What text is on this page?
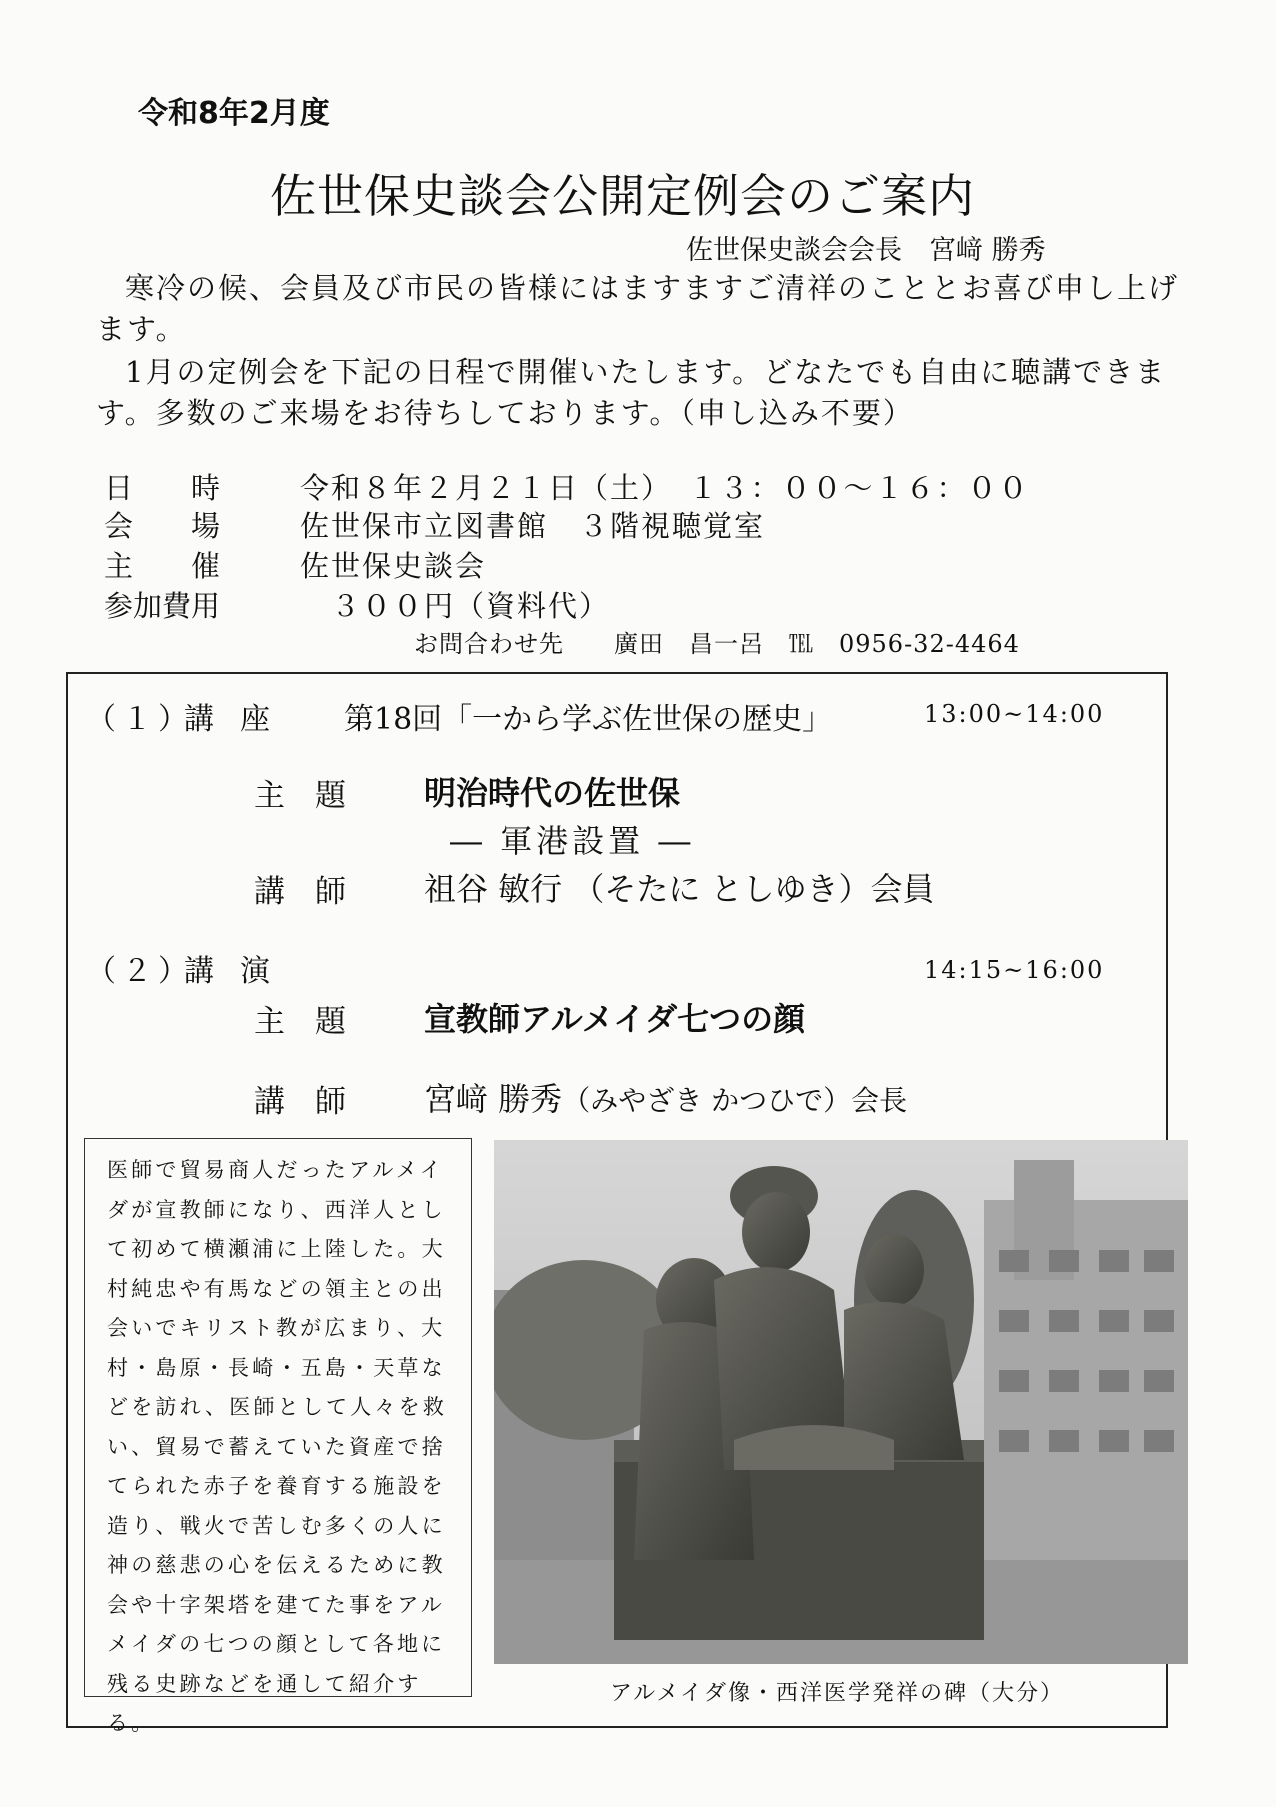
令和8年2月度
佐世保史談会公開定例会のご案内
佐世保史談会会長　宮﨑 勝秀

寒冷の候、会員及び市民の皆様にはますますご清祥のこととお喜び申し上げます。

1月の定例会を下記の日程で開催いたします。どなたでも自由に聴講できます。多数のご来場をお待ちしております。（申し込み不要）

日　　時	令和８年２月２１日（土）　１３：００～１６：００
会　　場	佐世保市立図書館　３階視聴覚室
主　　催	佐世保史談会
参加費用	　３００円（資料代）
お問合わせ先　　廣田　昌一呂　℡　0956-32-4464
（１）
講座 第18回「一から学ぶ佐世保の歴史」	13:00~14:00
主題 明治時代の佐世保
― 軍港設置 ―
講師 祖谷 敏行 （そたに としゆき）会員
（２）
講演	14:15~16:00
主題 宣教師アルメイダ七つの顔
講師 宮﨑 勝秀（みやざき かつひで）会長
医師で貿易商人だったアルメイダが宣教師になり、西洋人として初めて横瀬浦に上陸した。大村純忠や有馬などの領主との出会いでキリスト教が広まり、大村・島原・長崎・五島・天草などを訪れ、医師として人々を救い、貿易で蓄えていた資産で捨てられた赤子を養育する施設を造り、戦火で苦しむ多くの人に神の慈悲の心を伝えるために教会や十字架塔を建てた事をアルメイダの七つの顔として各地に残る史跡などを通して紹介する。
アルメイダ像・西洋医学発祥の碑（大分）
